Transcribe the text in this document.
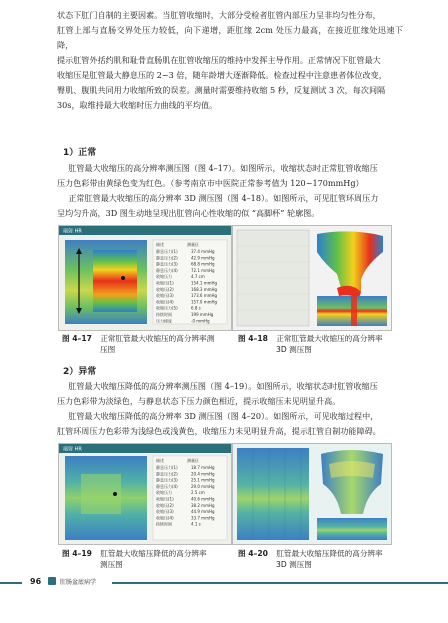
状态下肛门自制的主要因素。当肛管收缩时，大部分受检者肛管内部压力呈非均匀性分布，
肛管上部与直肠交界处压力较低，向下递增，距肛缘 2cm 处压力最高，在接近肛缘处迅速下降，
提示肛管外括约肌和耻骨直肠肌在肛管收缩压的维持中发挥主导作用。正常情况下肛管最大
收缩压是肛管最大静息压的 2~3 倍，随年龄增大逐渐降低。检查过程中注意患者体位改变，
臀肌、腹肌共同用力收缩所致的误差。测量时需要维持收缩 5 秒，反复测试 3 次，每次间隔
30s，取维持最大收缩时压力曲线的平均值。
1）正常
肛管最大收缩压的高分辨率测压图（图 4–17）。如图所示，收缩状态时正常肛管收缩压
压力色彩带由黄绿色变为红色。（参考南京市中医院正常参考值为 120~170mmHg）
正常肛管最大收缩压的高分辨率 3D 测压图（图 4–18）。如图所示，可见肛管环周压力
呈均匀升高，3D 图生动地呈现出肛管向心性收缩的似 “高脚杯” 轮廓图。
端射 HR
描述	测量区
静息压力(1)	37.4 mmHg
静息压力(2)	42.9 mmHg
静息压力(3)	68.8 mmHg
静息压力(4)	72.1 mmHg
收缩压力	4.7 cm
收缩压(1)	154.1 mmHg
收缩压(2)	168.3 mmHg
收缩压(3)	173.6 mmHg
收缩压(4)	157.0 mmHg
收缩压力(5)	6.8 s
持续时间	199 mmHg
压力梯度	-0 mmHg
图 4–17 正常肛管最大收缩压的高分辨率测
压图
图 4–18 正常肛管最大收缩压的高分辨率
3D 测压图
2）异常
肛管最大收缩压降低的高分辨率测压图（图 4–19）。如图所示，收缩状态时肛管收缩压
压力色彩带为淡绿色，与静息状态下压力颜色相近，提示收缩压未见明显升高。
肛管最大收缩压降低的高分辨率 3D 测压图（图 4–20）。如图所示，可见收缩过程中，
肛管环周压力色彩带为浅绿色或浅黄色，收缩压力未见明显升高，提示肛管自制功能障碍。
端射 HR
描述	测量区
静息压力(1)	18.7 mmHg
静息压力(2)	20.4 mmHg
静息压力(3)	25.1 mmHg
静息压力(4)	29.0 mmHg
收缩压力	2.5 cm
收缩压(1)	40.6 mmHg
收缩压(2)	38.2 mmHg
收缩压(3)	44.9 mmHg
收缩压(4)	33.7 mmHg
持续时间	4.1 s
图 4–19 肛管最大收缩压降低的高分辨率
测压图
图 4–20 肛管最大收缩压降低的高分辨率
3D 测压图
96	肛肠盆底病学
